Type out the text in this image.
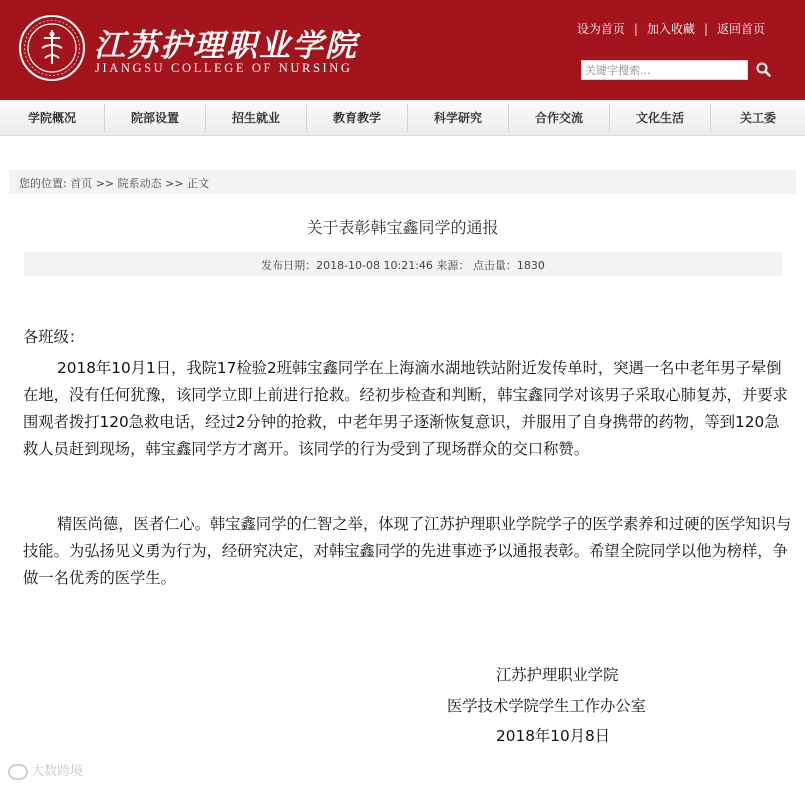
江苏护理职业学院
JIANGSU COLLEGE OF NURSING
设为首页 | 加入收藏 | 返回首页
关键字搜索...
学院概况	院部设置	招生就业	教育教学	科学研究	合作交流	文化生活	关工委
您的位置: 首页 >> 院系动态 >> 正文
关于表彰韩宝鑫同学的通报
发布日期：2018-10-08 10:21:46 来源： 点击量：1830
各班级：
2018年10月1日，我院17检验2班韩宝鑫同学在上海滴水湖地铁站附近发传单时，突遇一名中老年男子晕倒在地，没有任何犹豫，该同学立即上前进行抢救。经初步检查和判断，韩宝鑫同学对该男子采取心肺复苏，并要求围观者拨打120急救电话，经过2分钟的抢救，中老年男子逐渐恢复意识，并服用了自身携带的药物，等到120急救人员赶到现场，韩宝鑫同学方才离开。该同学的行为受到了现场群众的交口称赞。
精医尚德，医者仁心。韩宝鑫同学的仁智之举，体现了江苏护理职业学院学子的医学素养和过硬的医学知识与技能。为弘扬见义勇为行为，经研究决定，对韩宝鑫同学的先进事迹予以通报表彰。希望全院同学以他为榜样，争做一名优秀的医学生。
江苏护理职业学院
医学技术学院学生工作办公室
2018年10月8日
大数跨境
